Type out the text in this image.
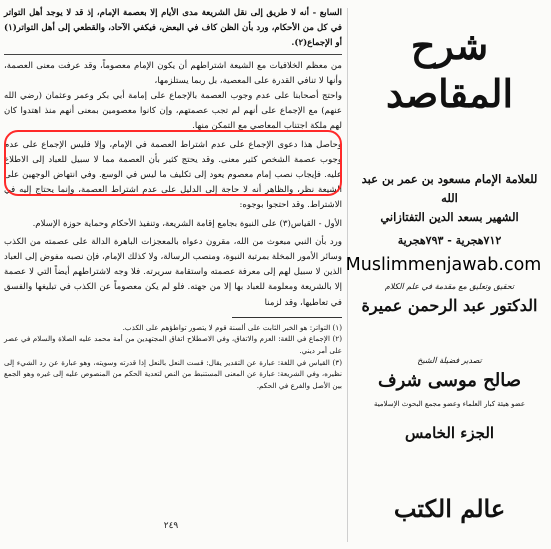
السابع - أنه لا طريق إلى نقل الشريعة مدى الأيام إلا بعصمة الإمام، إذ قد لا يوجد أهل التواتر في كل من الأحكام، ورد بأن الظن كاف في البعض، فيكفي الآحاد، والقطعي إلى أهل التواتر(١) أو الإجماع(٢).

من معظم الخلافيات مع الشيعة اشتراطهم أن يكون الإمام معصوماً، وقد عرفت معنى العصمة، وأنها لا تنافي القدرة على المعصية، بل ربما يستلزمها،

واحتج أصحابنا على عدم وجوب العصمة بالإجماع على إمامة أبي بكر وعمر وعثمان (رضي الله عنهم) مع الإجماع على أنهم لم تجب عصمتهم، وإن كانوا معصومين بمعنى أنهم منذ اهتدوا كان لهم ملكة اجتناب المعاصي مع التمكن منها.

وحاصل هذا دعوى الإجماع على عدم اشتراط العصمة في الإمام، وإلا فليس الإجماع على عدم وجوب عصمة الشخص كثير معنى. وقد يحتج كثير بأن العصمة مما لا سبيل للعباد إلى الاطلاع عليه. فإيجاب نصب إمام معصوم يعود إلى تكليف ما ليس في الوسع. وفي انتهاض الوجهين على الشيعة نظر، والظاهر أنه لا حاجة إلى الدليل على عدم اشتراط العصمة، وإنما يحتاج إليه في الاشتراط. وقد احتجوا بوجوه:

الأول - القياس(٣) على النبوة بجامع إقامة الشريعة، وتنفيذ الأحكام وحماية حوزة الإسلام.

ورد بأن النبي مبعوث من الله، مقرون دعواه بالمعجزات الباهرة الدالة على عصمته من الكذب وسائر الأمور المخلة بمرتبة النبوة، ومنصب الرسالة، ولا كذلك الإمام، فإن نصبه مفوض إلى العباد الذين لا سبيل لهم إلى معرفة عصمته واستقامة سريرته. فلا وجه لاشتراطهم أيضاً التي لا عصمة إلا بالشريعة ومعلومة للعباد بها إلا من جهته. فلو لم يكن معصوماً عن الكذب في تبليغها والفسق في تعاطيها، وقد لزمنا

(١) التواتر: هو الخبر الثابت على ألسنة قوم لا يتصور تواطؤهم على الكذب.

(٢) الإجماع في اللغة: العزم والاتفاق، وفي الاصطلاح اتفاق المجتهدين من أمة محمد عليه الصلاة والسلام في عصر على أمر ديني.

(٣) القياس في اللغة: عبارة عن التقدير يقال: قست النعل بالنعل إذا قدرته وسويته، وهو عبارة عن رد الشيء إلى نظيره، وفي الشريعة: عبارة عن المعنى المستنبط من النص لتعدية الحكم من المنصوص عليه إلى غيره وهو الجمع بين الأصل والفرع في الحكم.

٢٤٩
شرح المقاصد
للعلامة الإمام مسعود بن عمر بن عبد الله
الشهير بسعد الدين التفتازاني
٧١٢هجرية - ٧٩٣هجرية
Muslimmenjawab.com
تحقيق وتعليق مع مقدمة في علم الكلام
الدكتور عبد الرحمن عميرة
تصدير فضيلة الشيخ
صالح موسى شرف
عضو هيئة كبار العلماء وعضو مجمع البحوث الإسلامية
الجزء الخامس
عالم الكتب
